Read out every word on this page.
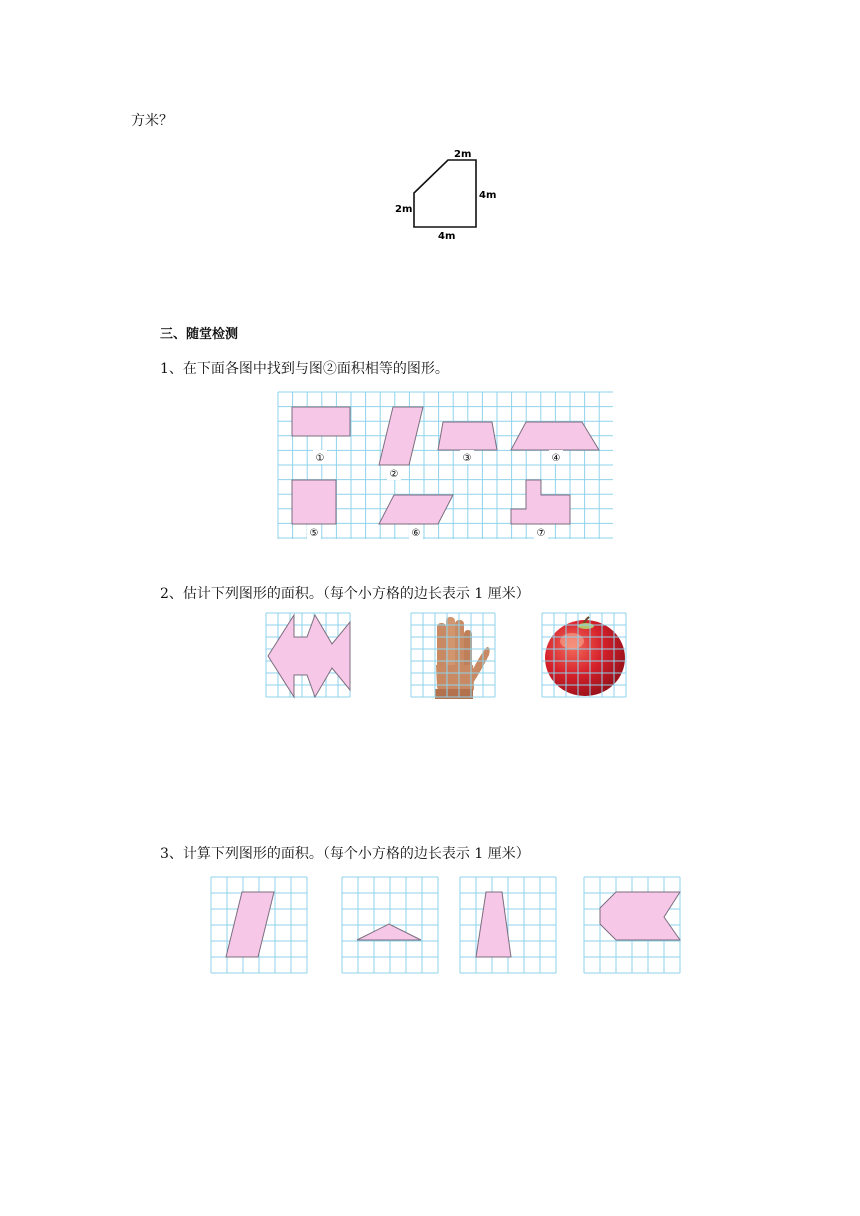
方米？
2m
4m
2m
4m
三、随堂检测
1、在下面各图中找到与图②面积相等的图形。
①
②
③	④
⑤	⑥	⑦
2、估计下列图形的面积。（每个小方格的边长表示 1 厘米）
3、计算下列图形的面积。（每个小方格的边长表示 1 厘米）
